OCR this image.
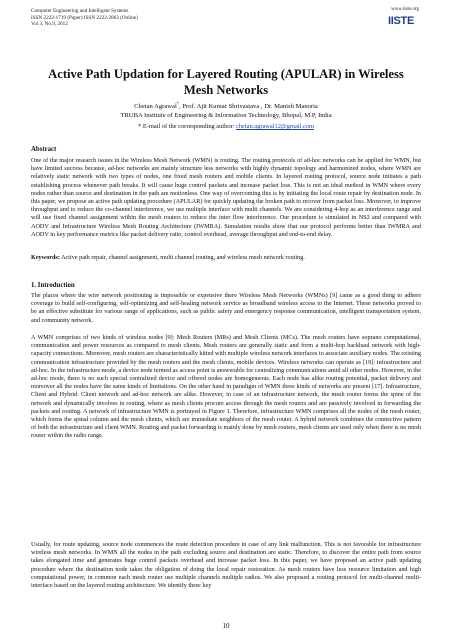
Computer Engineering and Intelligent Systems
ISSN 2222-1719 (Paper) ISSN 2222-2863 (Online)
Vol 3, No.9, 2012
www.iiste.org
IISTE
Active Path Updation for Layered Routing (APULAR) in Wireless
Mesh Networks
Chetan Agrawal*, Prof. Ajit Kumar Shrivastava , Dr. Manish Manoria
TRUBA Institute of Engineering & Information Technology, Bhopal, M.P, India
* E-mail of the corresponding author: chetan.agrawal12@gmail.com
Abstract

One of the major research issues in the Wireless Mesh Network (WMN) is routing. The routing protocols of ad-hoc networks can be applied for WMN, but have limited success because, ad-hoc networks are mainly structure less networks with highly dynamic topology and harmonized nodes, where WMN are relatively static network with two types of nodes, one fixed mesh routers and mobile clients. In layered routing protocol, source node initiates a path establishing process whenever path breaks. It will cause huge control packets and increase packet loss. This is not an ideal method in WMN where every nodes rather than source and destination in the path are motionless. One way of overcoming this is by initiating the local route repair by destination node. In this paper, we propose an active path updating procedure (APULAR) for quickly updating the broken path to recover from packet loss. Moreover, to improve throughput and to reduce the co-channel interference, we use multiple interface with multi channels. We are considering 4-hop as an interference range and will use fixed channel assignment within the mesh routers to reduce the inter flow interference. Our procedure is simulated in NS2 and compared with AODV and Infrastructure Wireless Mesh Routing Architecture (IWMRA). Simulation results show that our protocol performs better than IWMRA and AODV in key performance metrics like packet delivery ratio, control overhead, average throughput and end-to-end delay.

Keywords: Active path repair, channel assignment, multi channel routing, and wireless mesh network routing.

1. Introduction

The places where the wire network positioning is impossible or expensive there Wireless Mesh Networks (WMNs) [9] came as a good thing to adhere coverage to build self-configuring, self-optimizing and self-healing network service as broadband wireless access to the Internet. These networks proved to be an effective substitute for various range of applications, such as public safety and emergency response communication, intelligent transportation system, and community network.

A WMN comprises of two kinds of wireless nodes [9]: Mesh Routers (MRs) and Mesh Clients (MCs). The mesh routers have soprano computational, communication and power resources as compared to mesh clients. Mesh routers are generally static and form a multi-hop backhaul network with high-capacity connections. Moreover, mesh routers are characteristically kitted with multiple wireless network interfaces to associate auxiliary nodes. The existing communication infrastructure provided by the mesh routers and the mesh clients, mobile devices. Wireless networks can operate as [19]: infrastructure and ad-hoc. In the infrastructure mode, a device node termed as access point is answerable for centralizing communications amid all other nodes. However, in the ad-hoc mode, there is no such special centralized device and offered nodes are homogeneous. Each node has alike routing potential, packet delivery and moreover all the nodes have the same kinds of limitations. On the other hand in paradigm of WMN three kinds of networks are present [17]. Infrastructure, Client and Hybrid. Client network and ad-hoc network are alike. However, in case of an infrastructure network, the mesh router forms the spine of the network and dynamically involves in routing, where as mesh clients procure access through the mesh routers and are passively involved in forwarding the packets and routing. A network of infrastructure WMN is portrayed in Figure 1. Therefore, infrastructure WMN comprises all the nodes of the mesh router, which forms the spinal column and the mesh clients, which are immediate neighbors of the mesh router. A hybrid network combines the connective pattern of both the infrastructure and client WMN. Routing and packet forwarding is mainly done by mesh routers, mesh clients are used only when there is no mesh router within the radio range.

Usually, for route updating, source node commences the route detection procedure in case of any link malfunction. This is not favorable for infrastructure wireless mesh networks. In WMN all the nodes in the path excluding source and destination are static. Therefore, to discover the entire path from source takes elongated time and generates huge control packets overhead and increase packet loss. In this paper, we have proposed an active path updating procedure where the destination node takes the obligation of doing the local repair restoration. As mesh routers have less resource limitation and high computational power, in common each mesh router use multiple channels multiple radios. We also proposed a routing protocol for multi-channel multi-interface based on the layered routing architecture. We identify three key

10
